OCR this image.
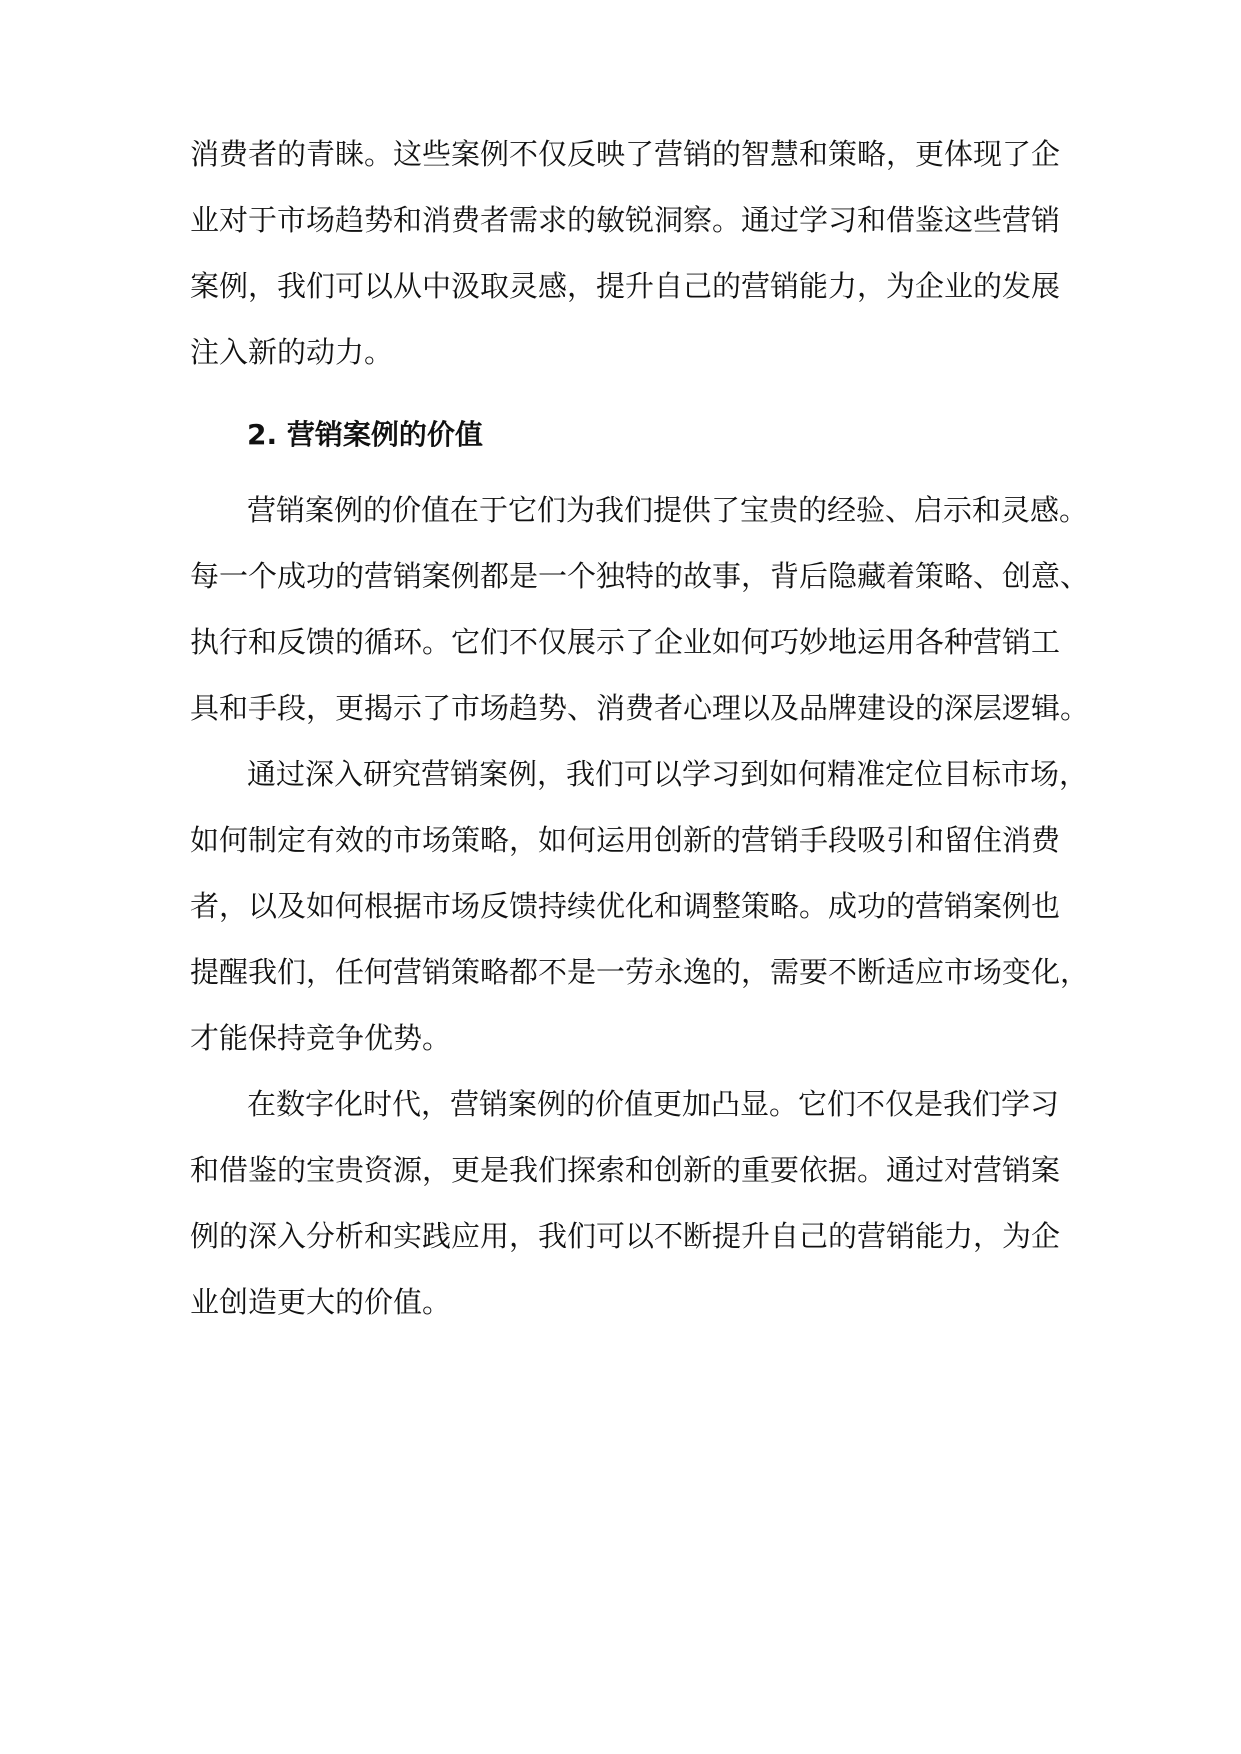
消费者的青睐。这些案例不仅反映了营销的智慧和策略，更体现了企

业对于市场趋势和消费者需求的敏锐洞察。通过学习和借鉴这些营销

案例，我们可以从中汲取灵感，提升自己的营销能力，为企业的发展

注入新的动力。

2. 营销案例的价值

营销案例的价值在于它们为我们提供了宝贵的经验、启示和灵感。

每一个成功的营销案例都是一个独特的故事，背后隐藏着策略、创意、

执行和反馈的循环。它们不仅展示了企业如何巧妙地运用各种营销工

具和手段，更揭示了市场趋势、消费者心理以及品牌建设的深层逻辑。

通过深入研究营销案例，我们可以学习到如何精准定位目标市场，

如何制定有效的市场策略，如何运用创新的营销手段吸引和留住消费

者，以及如何根据市场反馈持续优化和调整策略。成功的营销案例也

提醒我们，任何营销策略都不是一劳永逸的，需要不断适应市场变化，

才能保持竞争优势。

在数字化时代，营销案例的价值更加凸显。它们不仅是我们学习

和借鉴的宝贵资源，更是我们探索和创新的重要依据。通过对营销案

例的深入分析和实践应用，我们可以不断提升自己的营销能力，为企

业创造更大的价值。
